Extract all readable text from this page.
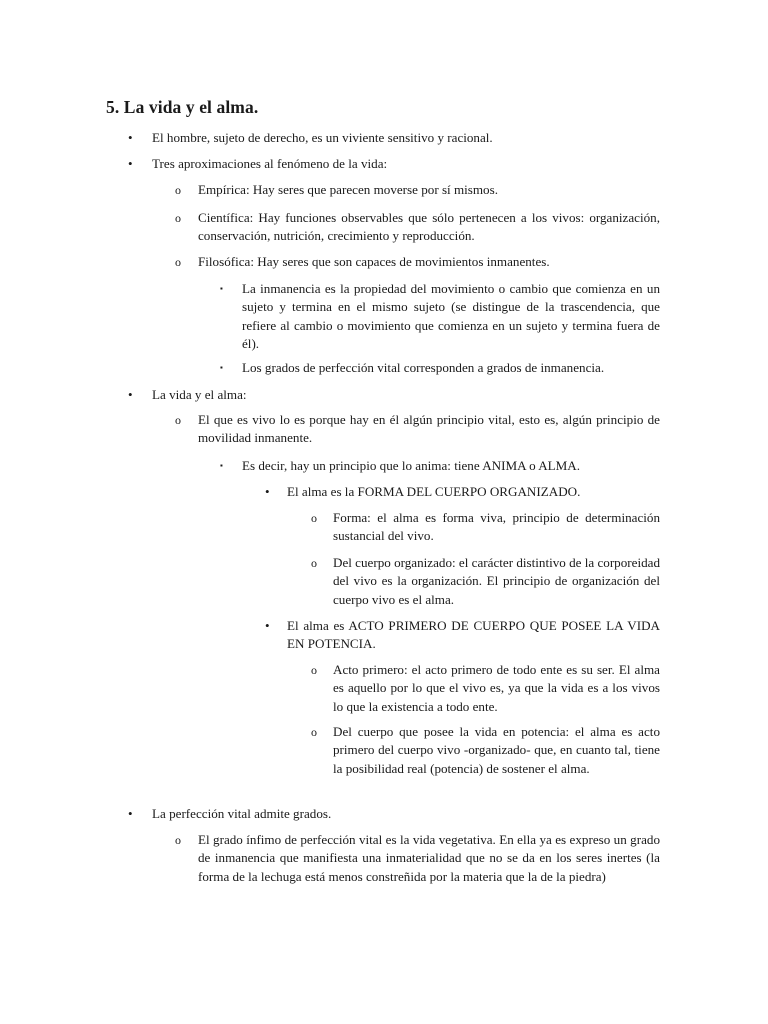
5. La vida y el alma.
• El hombre, sujeto de derecho, es un viviente sensitivo y racional.
• Tres aproximaciones al fenómeno de la vida:
o Empírica: Hay seres que parecen moverse por sí mismos.
o Científica: Hay funciones observables que sólo pertenecen a los vivos: organización, conservación, nutrición, crecimiento y reproducción.
o Filosófica: Hay seres que son capaces de movimientos inmanentes.
▪ La inmanencia es la propiedad del movimiento o cambio que comienza en un sujeto y termina en el mismo sujeto (se distingue de la trascendencia, que refiere al cambio o movimiento que comienza en un sujeto y termina fuera de él).
▪ Los grados de perfección vital corresponden a grados de inmanencia.
• La vida y el alma:
o El que es vivo lo es porque hay en él algún principio vital, esto es, algún principio de movilidad inmanente.
▪ Es decir, hay un principio que lo anima: tiene ANIMA o ALMA.
• El alma es la FORMA DEL CUERPO ORGANIZADO.
o Forma: el alma es forma viva, principio de determinación sustancial del vivo.
o Del cuerpo organizado: el carácter distintivo de la corporeidad del vivo es la organización. El principio de organización del cuerpo vivo es el alma.
• El alma es ACTO PRIMERO DE CUERPO QUE POSEE LA VIDA EN POTENCIA.
o Acto primero: el acto primero de todo ente es su ser. El alma es aquello por lo que el vivo es, ya que la vida es a los vivos lo que la existencia a todo ente.
o Del cuerpo que posee la vida en potencia: el alma es acto primero del cuerpo vivo -organizado- que, en cuanto tal, tiene la posibilidad real (potencia) de sostener el alma.
• La perfección vital admite grados.
o El grado ínfimo de perfección vital es la vida vegetativa. En ella ya es expreso un grado de inmanencia que manifiesta una inmaterialidad que no se da en los seres inertes (la forma de la lechuga está menos constreñida por la materia que la de la piedra)
